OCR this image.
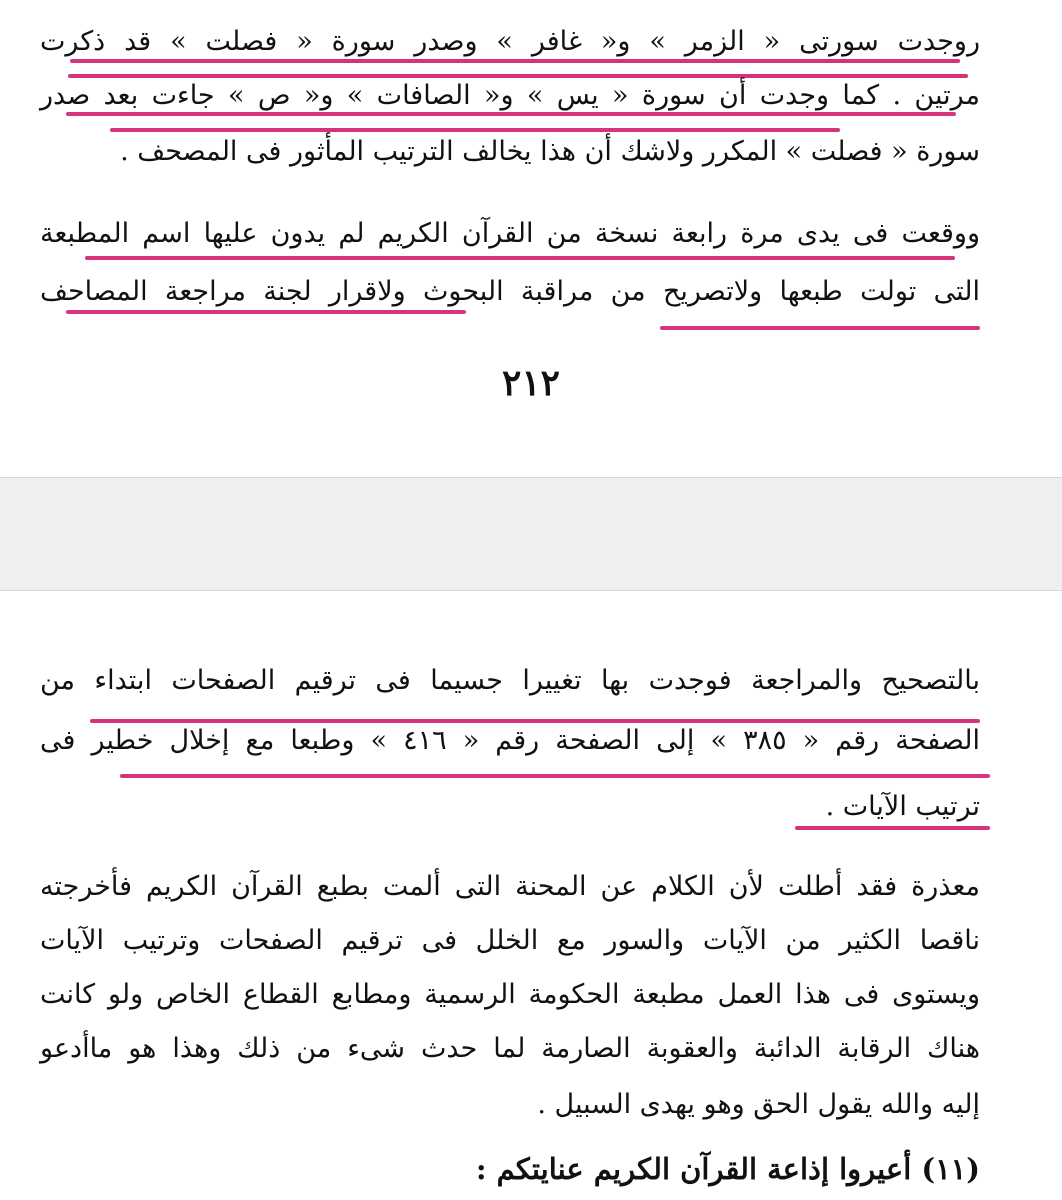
روجدت سورتى « الزمر » و« غافر » وصدر سورة « فصلت » قد ذكرت
مرتين . كما وجدت أن سورة « يس » و« الصافات » و« ص » جاءت بعد صدر
سورة « فصلت » المكرر ولاشك أن هذا يخالف الترتيب المأثور فى المصحف .
ووقعت فى يدى مرة رابعة نسخة من القرآن الكريم لم يدون عليها اسم المطبعة
التى تولت طبعها ولاتصريح من مراقبة البحوث ولاقرار لجنة مراجعة المصاحف
٢١٢
بالتصحيح والمراجعة فوجدت بها تغييرا جسيما فى ترقيم الصفحات ابتداء من
الصفحة رقم « ٣٨٥ » إلى الصفحة رقم « ٤١٦ » وطبعا مع إخلال خطير فى
ترتيب الآيات .
معذرة فقد أطلت لأن الكلام عن المحنة التى ألمت بطبع القرآن الكريم فأخرجته
ناقصا الكثير من الآيات والسور مع الخلل فى ترقيم الصفحات وترتيب الآيات
ويستوى فى هذا العمل مطبعة الحكومة الرسمية ومطابع القطاع الخاص ولو كانت
هناك الرقابة الدائبة والعقوبة الصارمة لما حدث شىء من ذلك وهذا هو ماأدعو
إليه والله يقول الحق وهو يهدى السبيل .
(١١) أعيروا إذاعة القرآن الكريم عنايتكم :
